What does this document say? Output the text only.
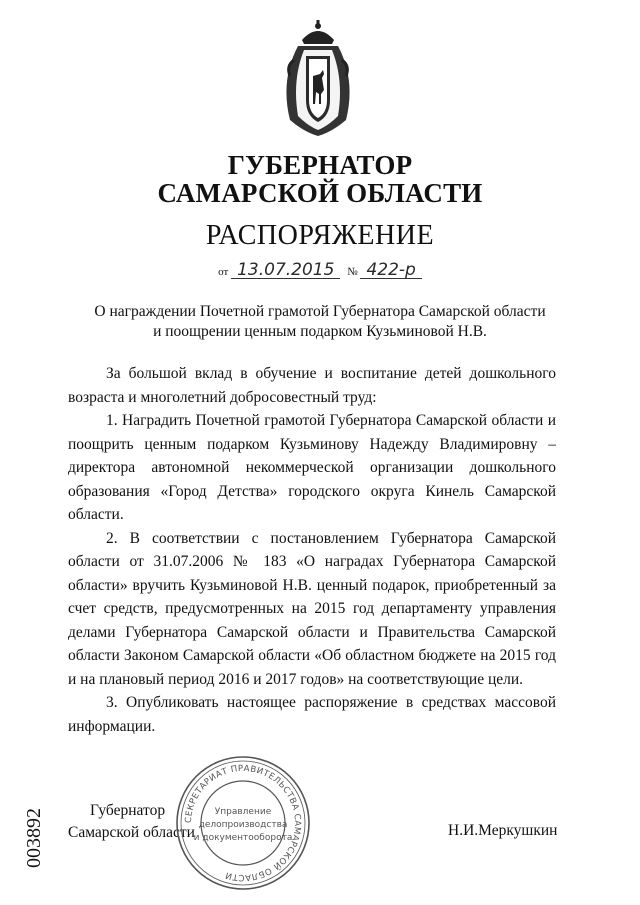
ГУБЕРНАТОР
САМАРСКОЙ ОБЛАСТИ
РАСПОРЯЖЕНИЕ
от 13.07.2015 № 422-р
О награждении Почетной грамотой Губернатора Самарской области
и поощрении ценным подарком Кузьминовой Н.В.

За большой вклад в обучение и воспитание детей дошкольного возраста и многолетний добросовестный труд:

1. Наградить Почетной грамотой Губернатора Самарской области и поощрить ценным подарком Кузьминову Надежду Владимировну – директора автономной некоммерческой организации дошкольного образования «Город Детства» городского округа Кинель Самарской области.

2. В соответствии с постановлением Губернатора Самарской области от 31.07.2006 № 183 «О наградах Губернатора Самарской области» вручить Кузьминовой Н.В. ценный подарок, приобретенный за счет средств, предусмотренных на 2015 год департаменту управления делами Губернатора Самарской области и Правительства Самарской области Законом Самарской области «Об областном бюджете на 2015 год и на плановый период 2016 и 2017 годов» на соответствующие цели.

3. Опубликовать настоящее распоряжение в средствах массовой информации.

003892	Губернатор
Самарской области	Н.И.Меркушкин
СЕКРЕТАРИАТ ПРАВИТЕЛЬСТВА САМАРСКОЙ ОБЛАСТИ
Управление
делопроизводства
и документооборота
